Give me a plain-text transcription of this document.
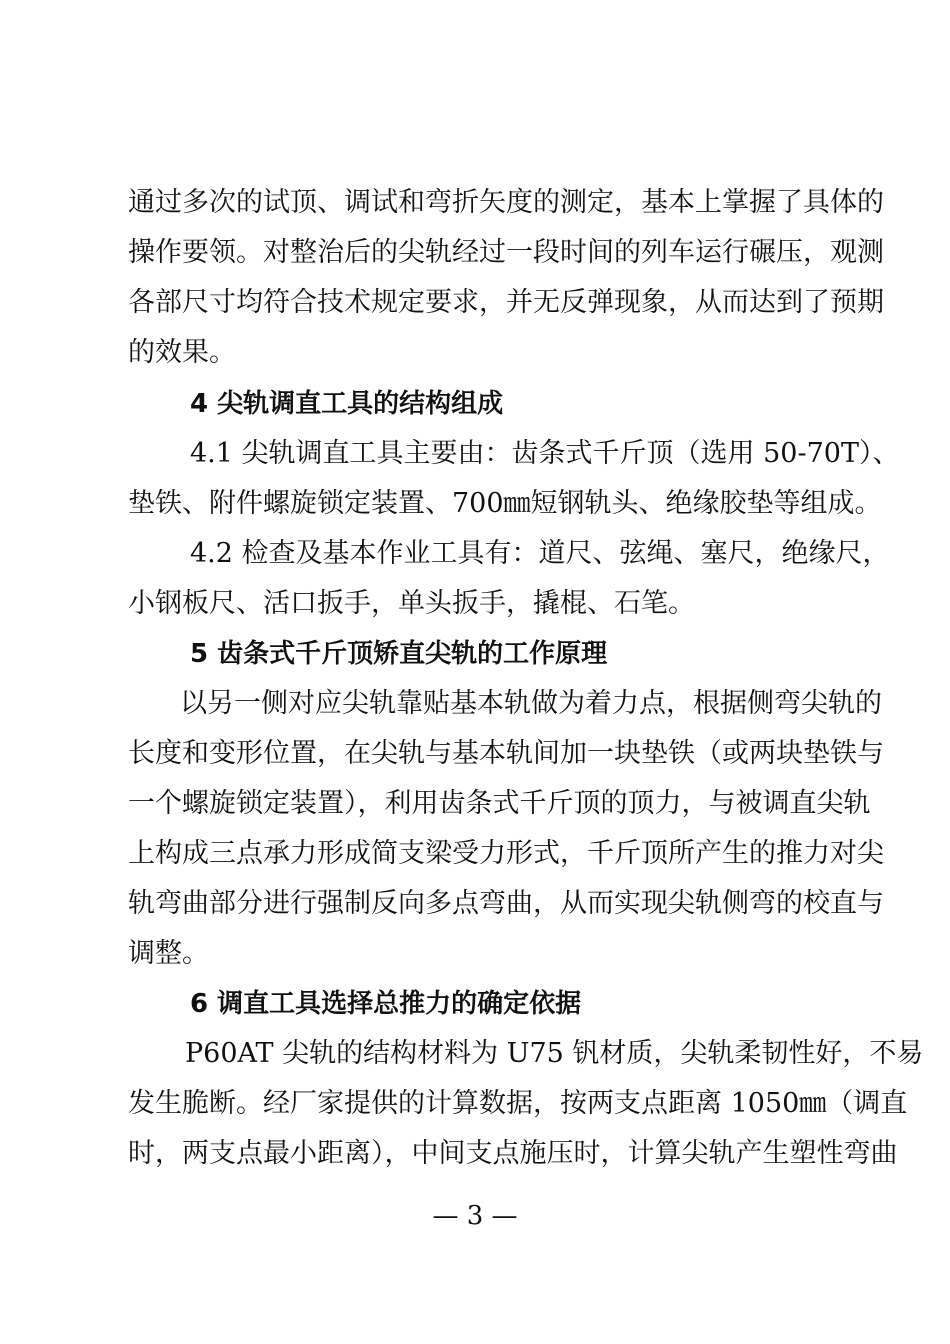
通过多次的试顶、调试和弯折矢度的测定，基本上掌握了具体的
操作要领。对整治后的尖轨经过一段时间的列车运行碾压，观测
各部尺寸均符合技术规定要求，并无反弹现象，从而达到了预期
的效果。
4 尖轨调直工具的结构组成
4.1 尖轨调直工具主要由：齿条式千斤顶（选用 50-70T）、
垫铁、附件螺旋锁定装置、700㎜短钢轨头、绝缘胶垫等组成。
4.2 检查及基本作业工具有：道尺、弦绳、塞尺，绝缘尺，
小钢板尺、活口扳手，单头扳手，撬棍、石笔。
5 齿条式千斤顶矫直尖轨的工作原理
以另一侧对应尖轨靠贴基本轨做为着力点，根据侧弯尖轨的
长度和变形位置，在尖轨与基本轨间加一块垫铁（或两块垫铁与
一个螺旋锁定装置），利用齿条式千斤顶的顶力，与被调直尖轨
上构成三点承力形成简支梁受力形式，千斤顶所产生的推力对尖
轨弯曲部分进行强制反向多点弯曲，从而实现尖轨侧弯的校直与
调整。
6 调直工具选择总推力的确定依据
P60AT 尖轨的结构材料为 U75 钒材质，尖轨柔韧性好，不易
发生脆断。经厂家提供的计算数据，按两支点距离 1050㎜（调直
时，两支点最小距离），中间支点施压时，计算尖轨产生塑性弯曲
— 3 —
